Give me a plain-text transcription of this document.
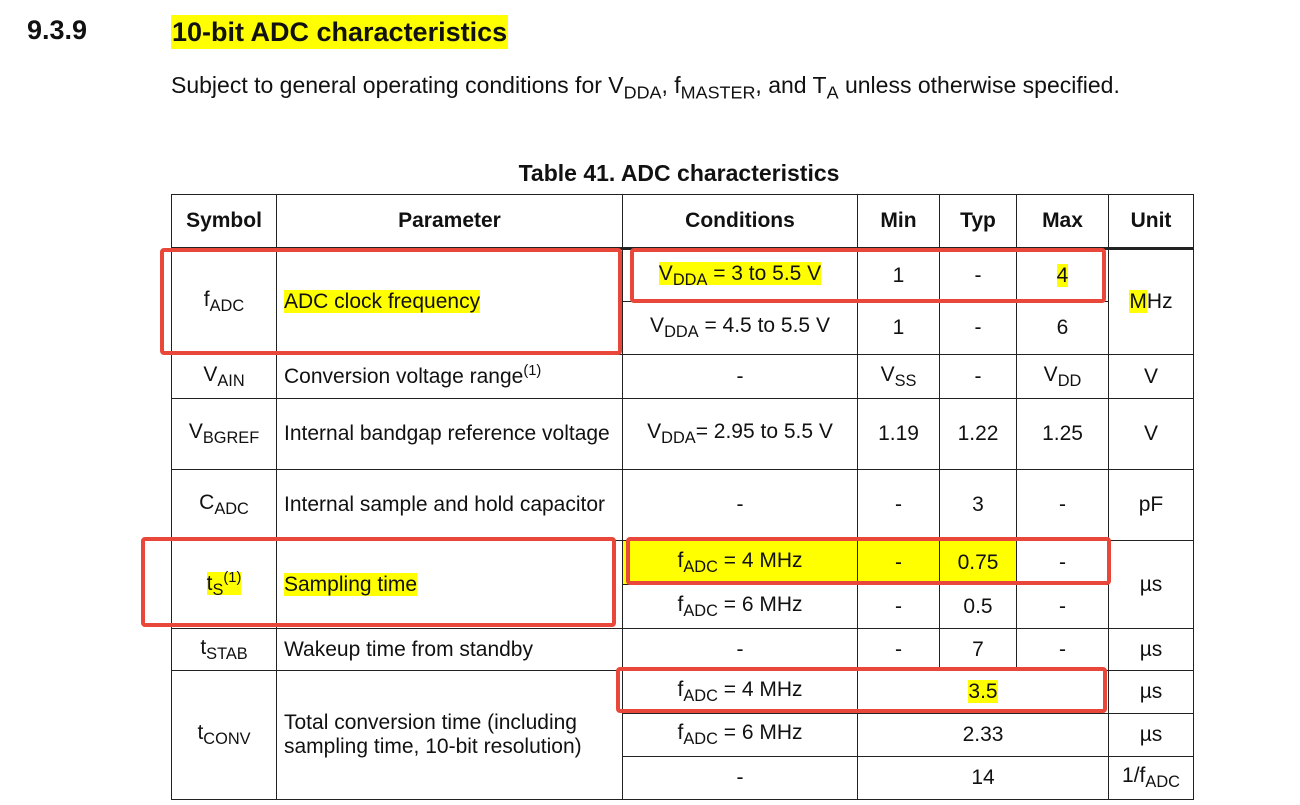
9.3.9	10-bit ADC characteristics
Subject to general operating conditions for $V_{DDA}$, $f_{MASTER}$, and $T_A$ unless otherwise specified.
Table 41. ADC characteristics
Symbol	Parameter	Conditions	Min	Typ	Max	Unit
$f_{ADC}$	ADC clock frequency	$V_{DDA} = 3$ to 5.5 V	1	-	4	MHz
		$V_{DDA} = 4.5$ to 5.5 V	1	-	6	
$V_{AIN}$	Conversion voltage range$^{(1)}$	-	$V_{SS}$	-	$V_{DD}$	V
$V_{BGREF}$	Internal bandgap reference voltage	$V_{DDA}= 2.95$ to 5.5 V	1.19	1.22	1.25	V
$C_{ADC}$	Internal sample and hold capacitor	-	-	3	-	pF
$t_S^{(1)}$	Sampling time	$f_{ADC} = 4$ MHz	-	0.75	-	µs
		$f_{ADC} = 6$ MHz	-	0.5	-	
$t_{STAB}$	Wakeup time from standby	-	-	7	-	µs
$t_{CONV}$	Total conversion time (including sampling time, 10-bit resolution)	$f_{ADC} = 4$ MHz	3.5			µs
		$f_{ADC} = 6$ MHz	2.33			µs
		-	14			$1/f_{ADC}$
